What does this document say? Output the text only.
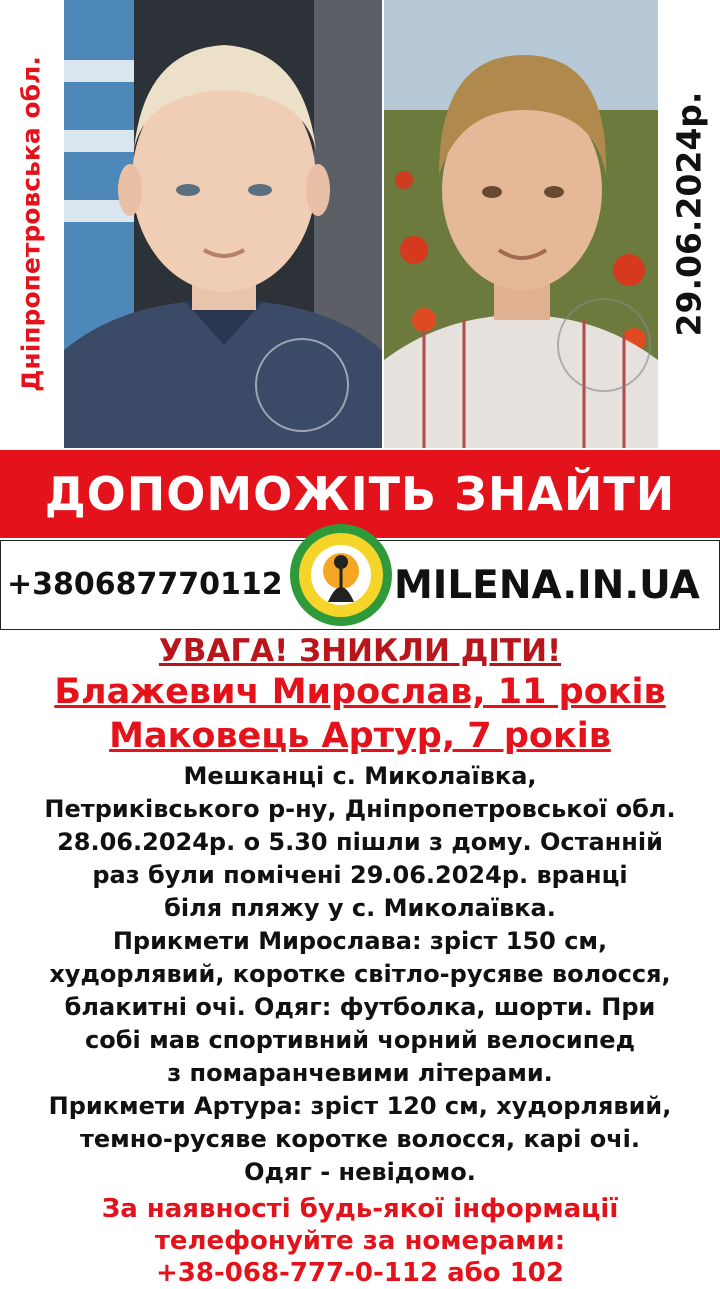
Дніпропетровська обл.	29.06.2024р.
ДОПОМОЖІТЬ ЗНАЙТИ
+380687770112	MILENA.IN.UA

УВАГА! ЗНИКЛИ ДІТИ!

Блажевич Мирослав, 11 років

Маковець Артур, 7 років

Мешканці с. Миколаївка,
Петриківського р-ну, Дніпропетровської обл.
28.06.2024р. о 5.30 пішли з дому. Останній
раз були помічені 29.06.2024р. вранці
біля пляжу у с. Миколаївка.
Прикмети Мирослава: зріст 150 см,
худорлявий, коротке світло-русяве волосся,
блакитні очі. Одяг: футболка, шорти. При
собі мав спортивний чорний велосипед
з помаранчевими літерами.
Прикмети Артура: зріст 120 см, худорлявий,
темно-русяве коротке волосся, карі очі.
Одяг - невідомо.
За наявності будь-якої інформації
телефонуйте за номерами:
+38-068-777-0-112 або 102
